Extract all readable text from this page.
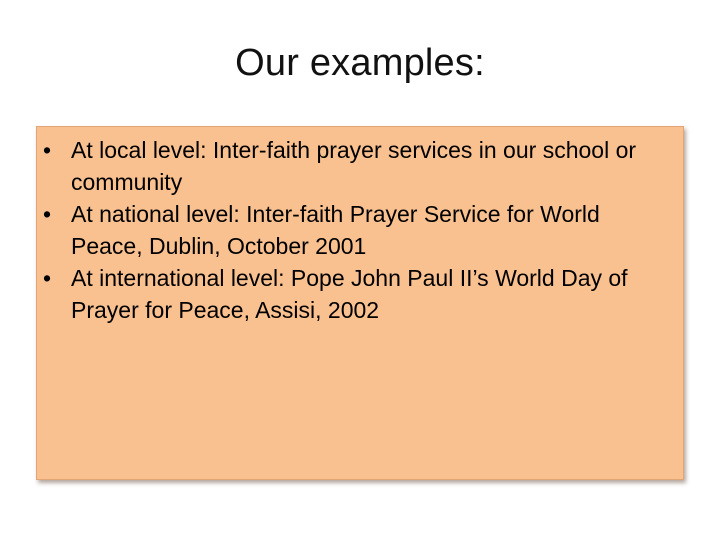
Our examples:
• At local level: Inter-faith prayer services in our school or community
• At national level: Inter-faith Prayer Service for World Peace, Dublin, October 2001
• At international level: Pope John Paul II’s World Day of Prayer for Peace, Assisi, 2002
